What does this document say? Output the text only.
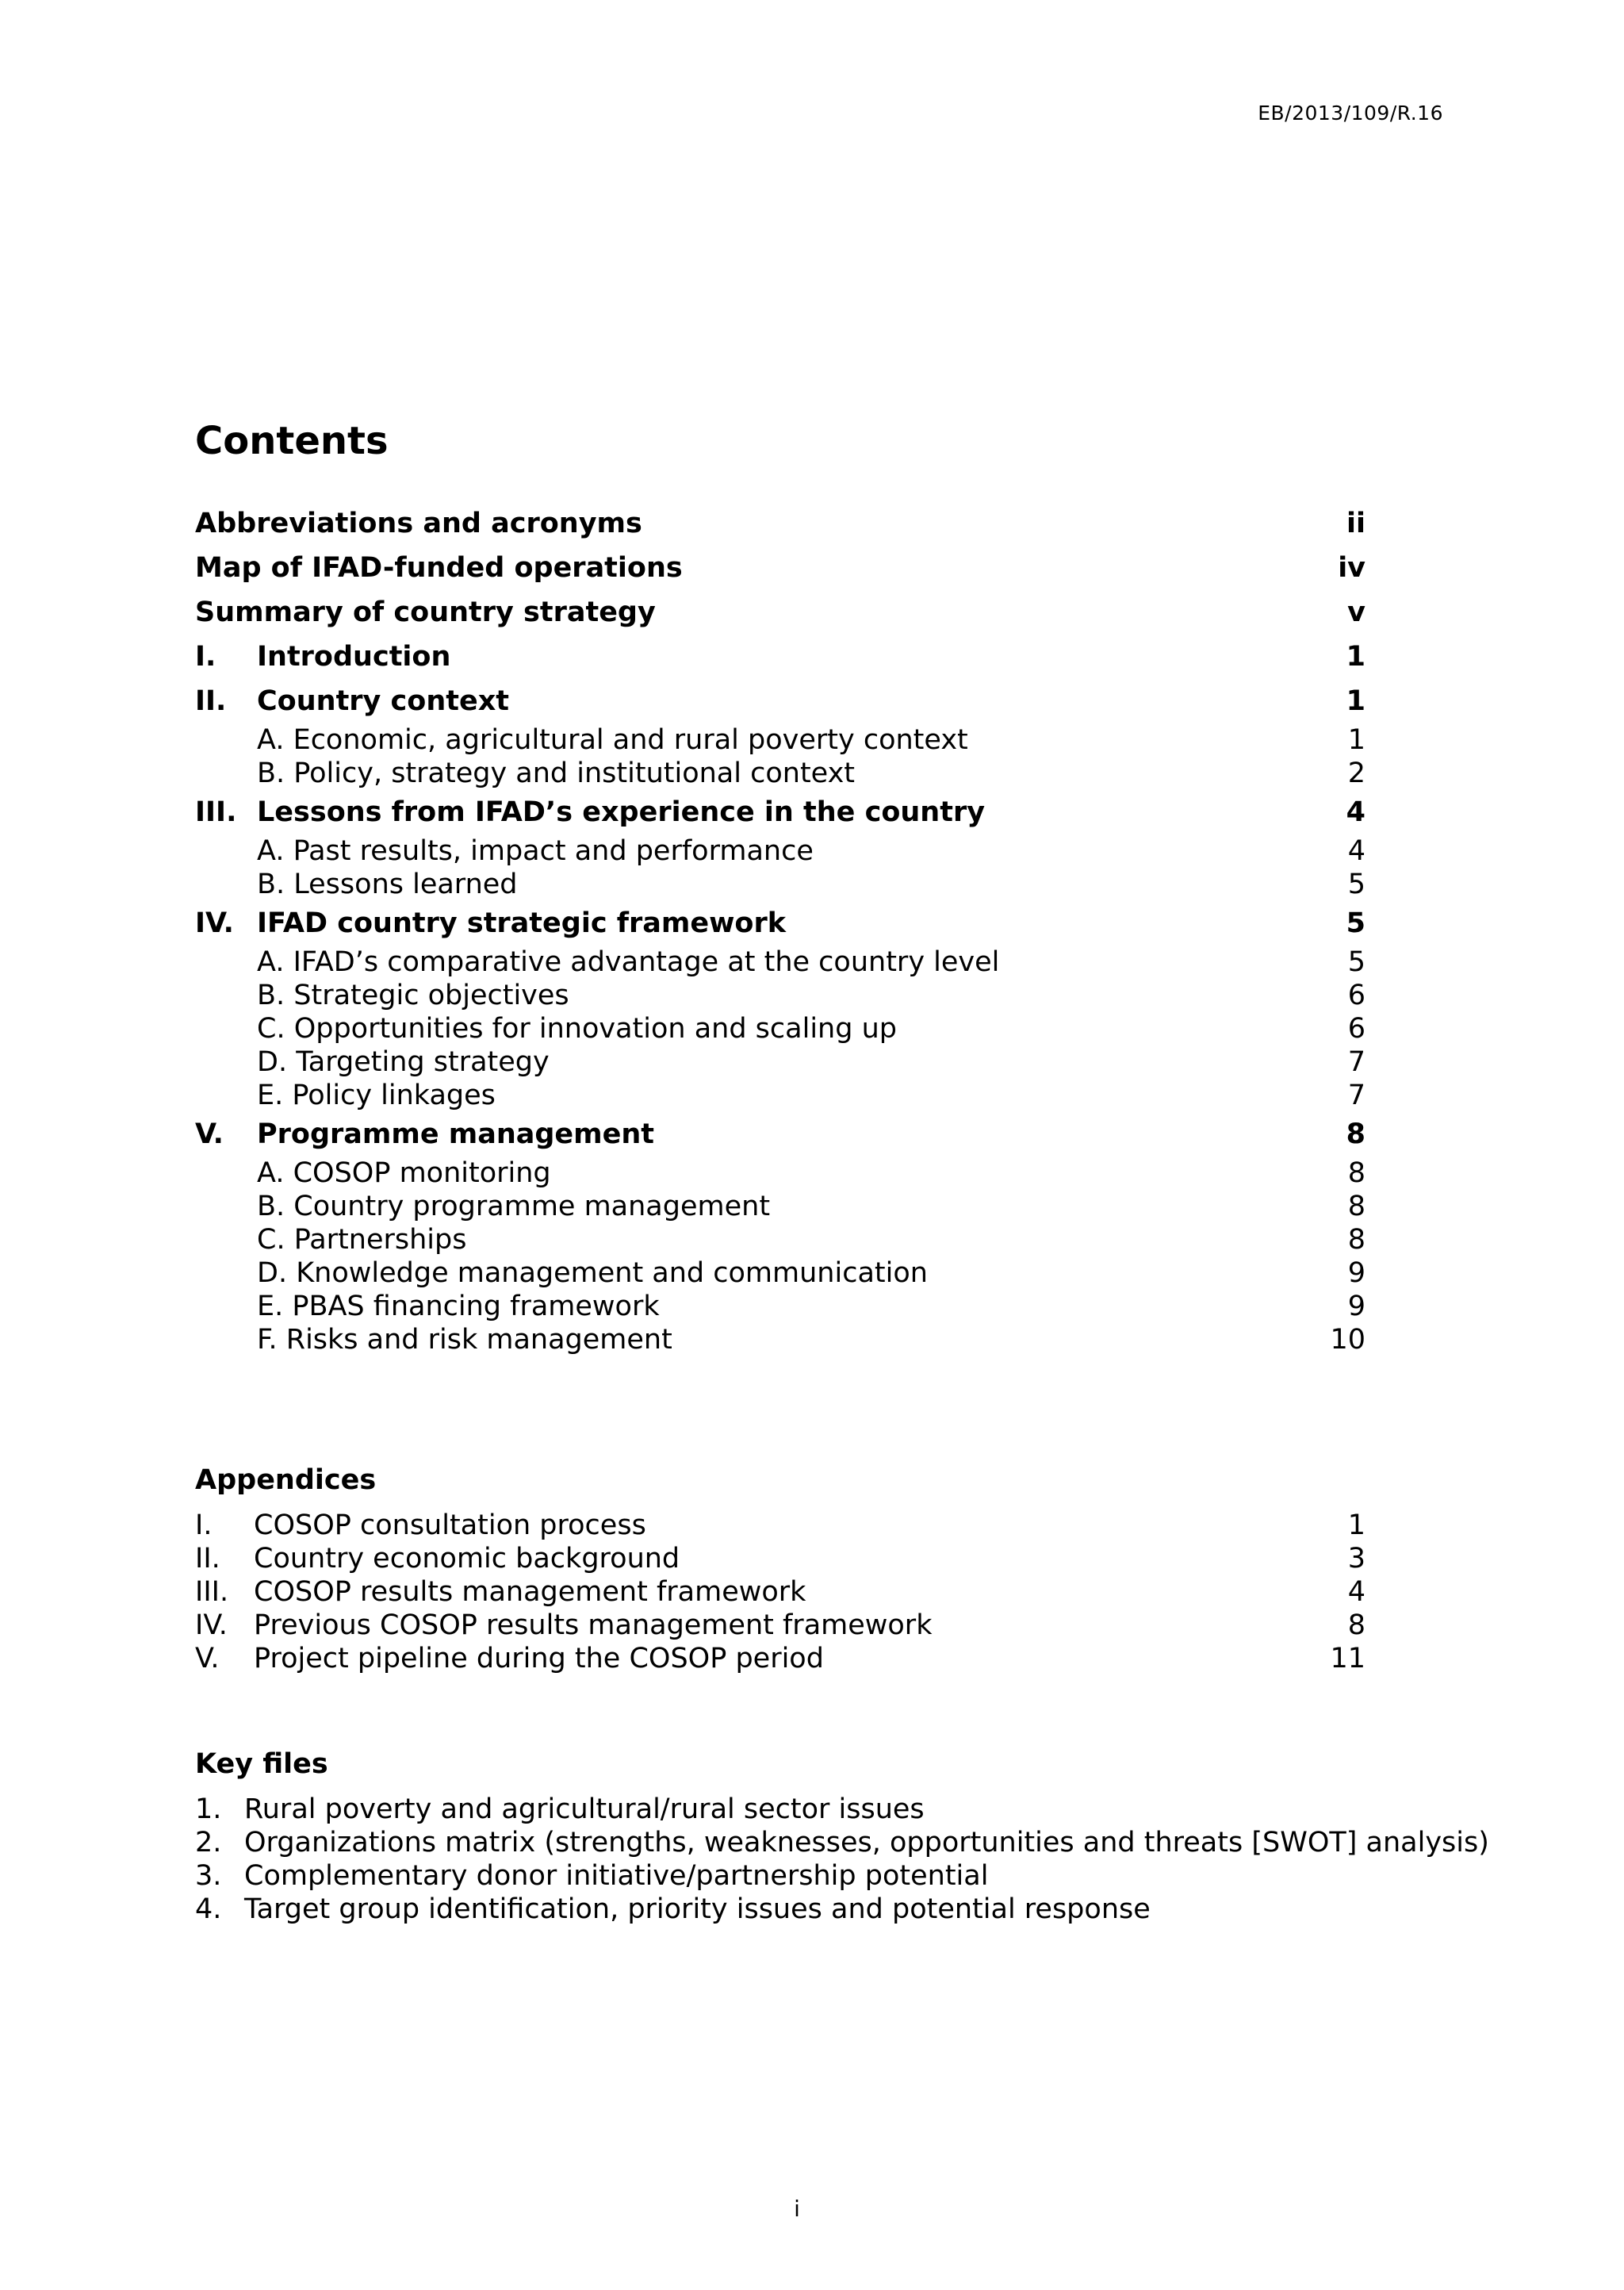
EB/2013/109/R.16
Contents
Abbreviations and acronyms	ii
Map of IFAD-funded operations	iv
Summary of country strategy	v
I. Introduction	1
II. Country context	1
A. Economic, agricultural and rural poverty context	1
B. Policy, strategy and institutional context	2
III. Lessons from IFAD’s experience in the country	4
A. Past results, impact and performance	4
B. Lessons learned	5
IV. IFAD country strategic framework	5
A. IFAD’s comparative advantage at the country level	5
B. Strategic objectives	6
C. Opportunities for innovation and scaling up	6
D. Targeting strategy	7
E. Policy linkages	7
V. Programme management	8
A. COSOP monitoring	8
B. Country programme management	8
C. Partnerships	8
D. Knowledge management and communication	9
E. PBAS financing framework	9
F. Risks and risk management	10
Appendices
I. COSOP consultation process	1
II. Country economic background	3
III. COSOP results management framework	4
IV. Previous COSOP results management framework	8
V. Project pipeline during the COSOP period	11
Key files
1. Rural poverty and agricultural/rural sector issues
2. Organizations matrix (strengths, weaknesses, opportunities and threats [SWOT] analysis)
3. Complementary donor initiative/partnership potential
4. Target group identification, priority issues and potential response
i
